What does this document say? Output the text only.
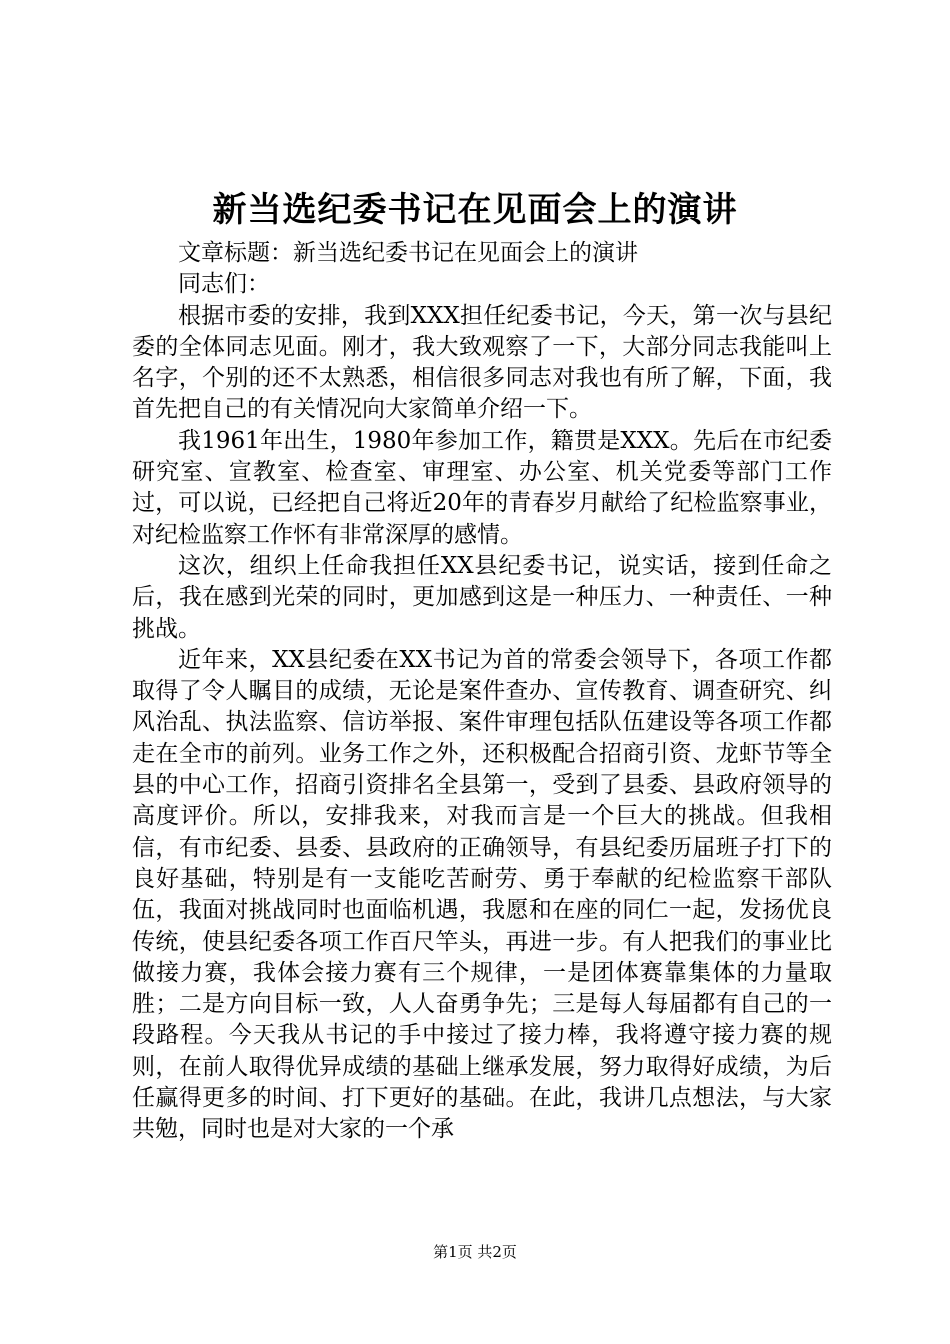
新当选纪委书记在见面会上的演讲

文章标题：新当选纪委书记在见面会上的演讲

同志们：

根据市委的安排，我到XXX担任纪委书记，今天，第一次与县纪委的全体同志见面。刚才，我大致观察了一下，大部分同志我能叫上名字，个别的还不太熟悉，相信很多同志对我也有所了解，下面，我首先把自己的有关情况向大家简单介绍一下。

我1961年出生，1980年参加工作，籍贯是XXX。先后在市纪委研究室、宣教室、检查室、审理室、办公室、机关党委等部门工作过，可以说，已经把自己将近20年的青春岁月献给了纪检监察事业，对纪检监察工作怀有非常深厚的感情。

这次，组织上任命我担任XX县纪委书记，说实话，接到任命之后，我在感到光荣的同时，更加感到这是一种压力、一种责任、一种挑战。

近年来，XX县纪委在XX书记为首的常委会领导下，各项工作都取得了令人瞩目的成绩，无论是案件查办、宣传教育、调查研究、纠风治乱、执法监察、信访举报、案件审理包括队伍建设等各项工作都走在全市的前列。业务工作之外，还积极配合招商引资、龙虾节等全县的中心工作，招商引资排名全县第一，受到了县委、县政府领导的高度评价。所以，安排我来，对我而言是一个巨大的挑战。但我相信，有市纪委、县委、县政府的正确领导，有县纪委历届班子打下的良好基础，特别是有一支能吃苦耐劳、勇于奉献的纪检监察干部队伍，我面对挑战同时也面临机遇，我愿和在座的同仁一起，发扬优良传统，使县纪委各项工作百尺竿头，再进一步。有人把我们的事业比做接力赛，我体会接力赛有三个规律，一是团体赛靠集体的力量取胜；二是方向目标一致，人人奋勇争先；三是每人每届都有自己的一段路程。今天我从书记的手中接过了接力棒，我将遵守接力赛的规则，在前人取得优异成绩的基础上继承发展，努力取得好成绩，为后任赢得更多的时间、打下更好的基础。在此，我讲几点想法，与大家共勉，同时也是对大家的一个承

第1页 共2页
